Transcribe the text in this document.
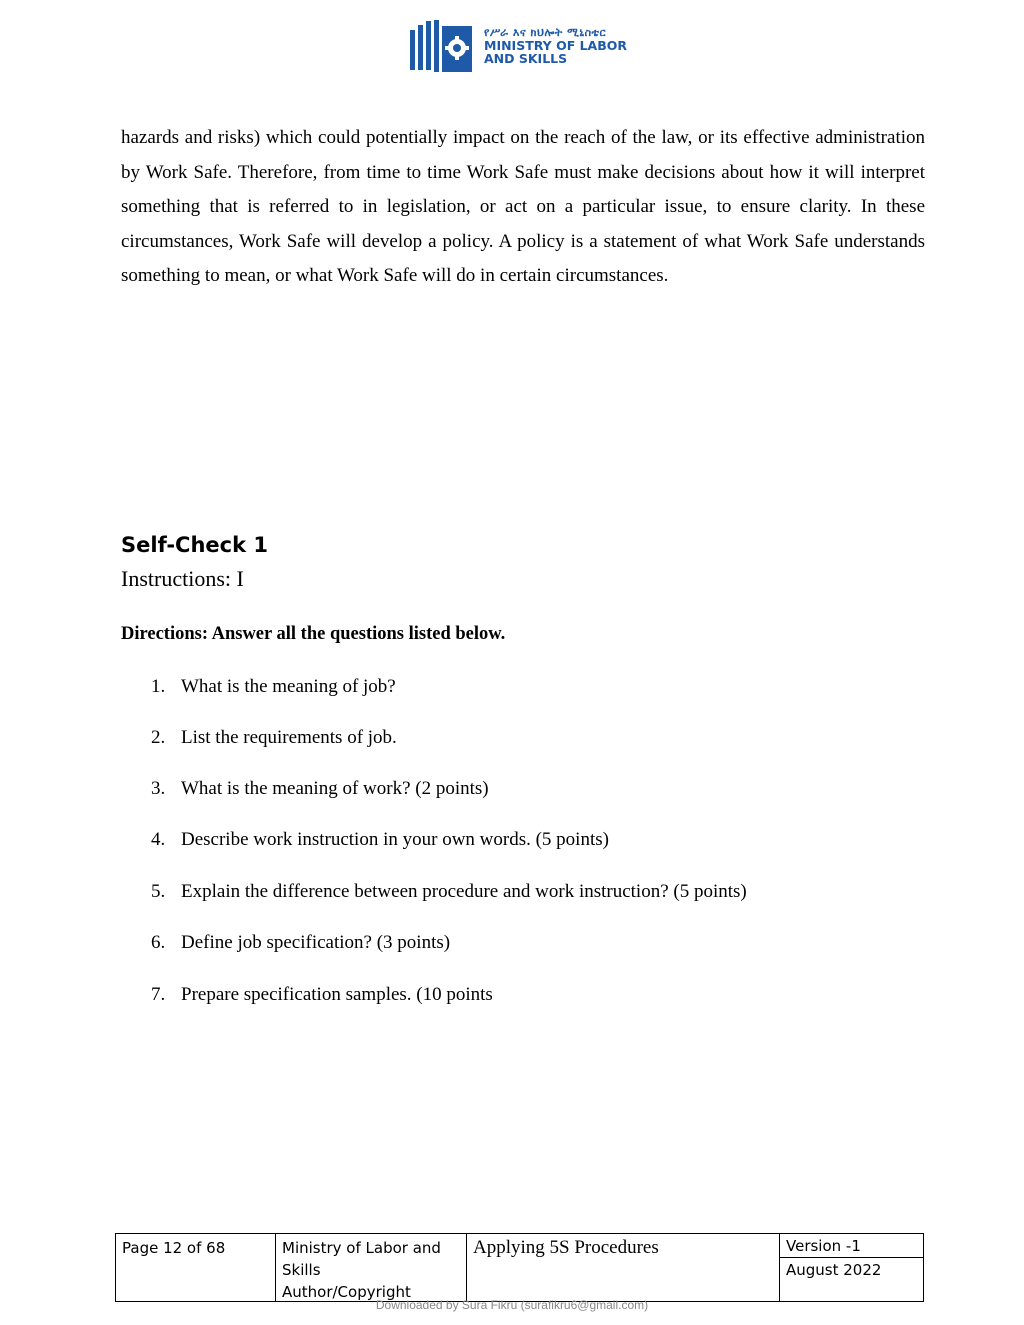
የሥራ እና ክህሎት ሚኒስቴር
MINISTRY OF LABOR
AND SKILLS

hazards and risks) which could potentially impact on the reach of the law, or its effective administration by Work Safe. Therefore, from time to time Work Safe must make decisions about how it will interpret something that is referred to in legislation, or act on a particular issue, to ensure clarity. In these circumstances, Work Safe will develop a policy. A policy is a statement of what Work Safe understands something to mean, or what Work Safe will do in certain circumstances.

Self-Check 1

Instructions: I

Directions: Answer all the questions listed below.

1. What is the meaning of job?

2. List the requirements of job.

3. What is the meaning of work? (2 points)

4. Describe work instruction in your own words. (5 points)

5. Explain the difference between procedure and work instruction? (5 points)

6. Define job specification? (3 points)

7. Prepare specification samples. (10 points

Page 12 of 68	Ministry of Labor and
Skills
Author/Copyright
Applying 5S Procedures	Version -1
August 2022
Downloaded by Sura Fikru (surafikru6@gmail.com)
